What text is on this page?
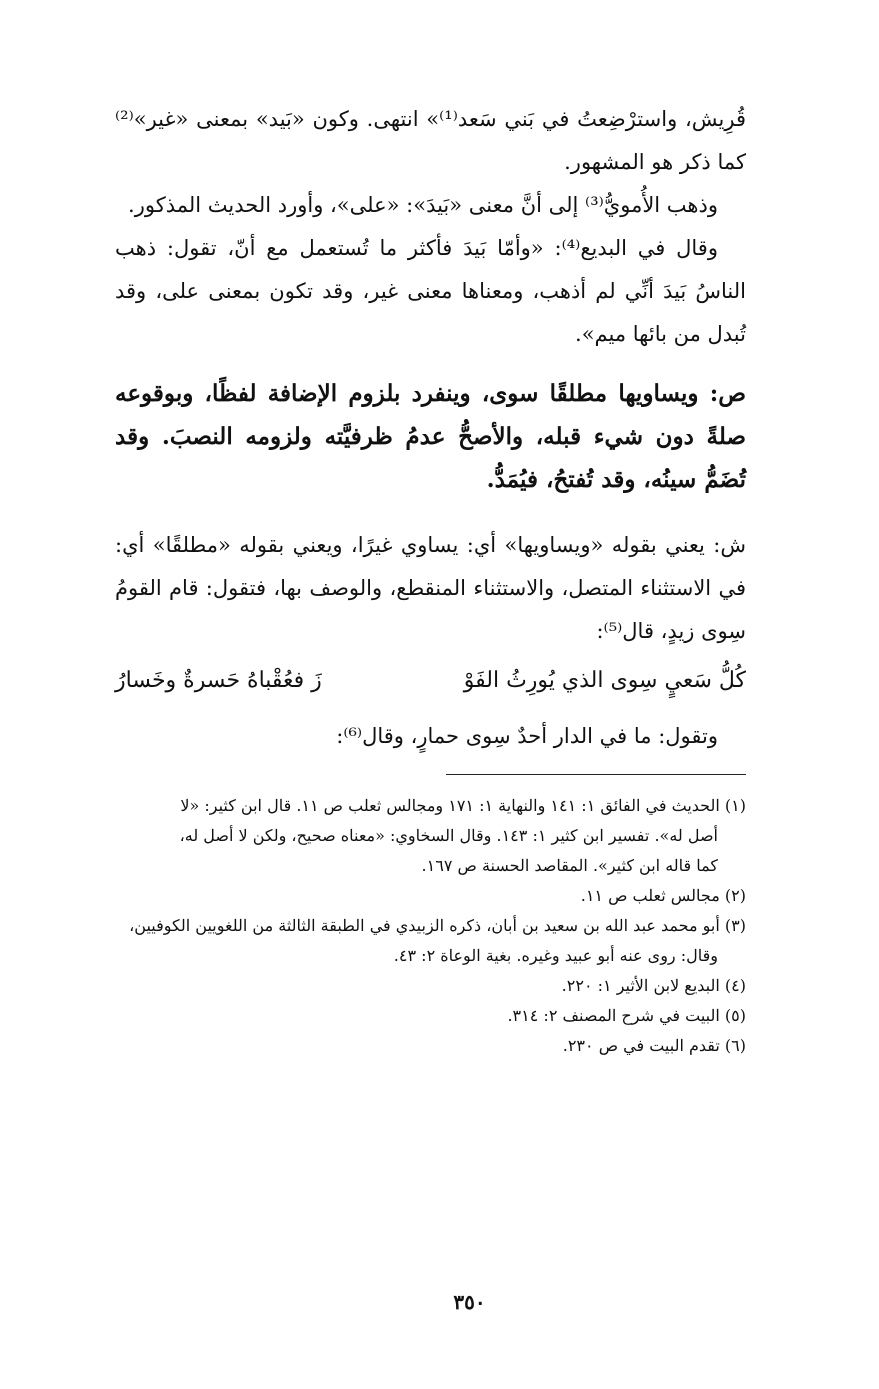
قُرِيش، واسترْضِعتُ في بَني سَعد⁽¹⁾» انتهى. وكون «بَيد» بمعنى «غير»⁽²⁾ كما ذكر هو المشهور.

وذهب الأُمويُّ⁽³⁾ إلى أنَّ معنى «بَيدَ»: «على»، وأورد الحديث المذكور.

وقال في البديع⁽⁴⁾: «وأمّا بَيدَ فأكثر ما تُستعمل مع أنّ، تقول: ذهب الناسُ بَيدَ أنِّي لم أذهب، ومعناها معنى غير، وقد تكون بمعنى على، وقد تُبدل من بائها ميم».

ص: ويساويها مطلقًا سوى، وينفرد بلزوم الإضافة لفظًا، وبوقوعه صلةً دون شيء قبله، والأصحُّ عدمُ ظرفيَّته ولزومه النصبَ. وقد تُضَمُّ سينُه، وقد تُفتحُ، فيُمَدُّ.

ش: يعني بقوله «ويساويها» أي: يساوي غيرًا، ويعني بقوله «مطلقًا» أي: في الاستثناء المتصل، والاستثناء المنقطع، والوصف بها، فتقول: قام القومُ سِوى زيدٍ، قال⁽⁵⁾:

كُلُّ سَعيٍ سِوى الذي يُورِثُ الفَوْ
زَ فعُقْباهُ حَسرةٌ وخَسارُ

وتقول: ما في الدار أحدٌ سِوى حمارٍ، وقال⁽⁶⁾:

(١) الحديث في الفائق ١: ١٤١ والنهاية ١: ١٧١ ومجالس ثعلب ص ١١. قال ابن كثير: «لا
أصل له». تفسير ابن كثير ١: ١٤٣. وقال السخاوي: «معناه صحيح، ولكن لا أصل له،
كما قاله ابن كثير». المقاصد الحسنة ص ١٦٧.

(٢) مجالس ثعلب ص ١١.

(٣) أبو محمد عبد الله بن سعيد بن أبان، ذكره الزبيدي في الطبقة الثالثة من اللغويين الكوفيين،
وقال: روى عنه أبو عبيد وغيره. بغية الوعاة ٢: ٤٣.

(٤) البديع لابن الأثير ١: ٢٢٠.

(٥) البيت في شرح المصنف ٢: ٣١٤.

(٦) تقدم البيت في ص ٢٣٠.

٣٥٠
